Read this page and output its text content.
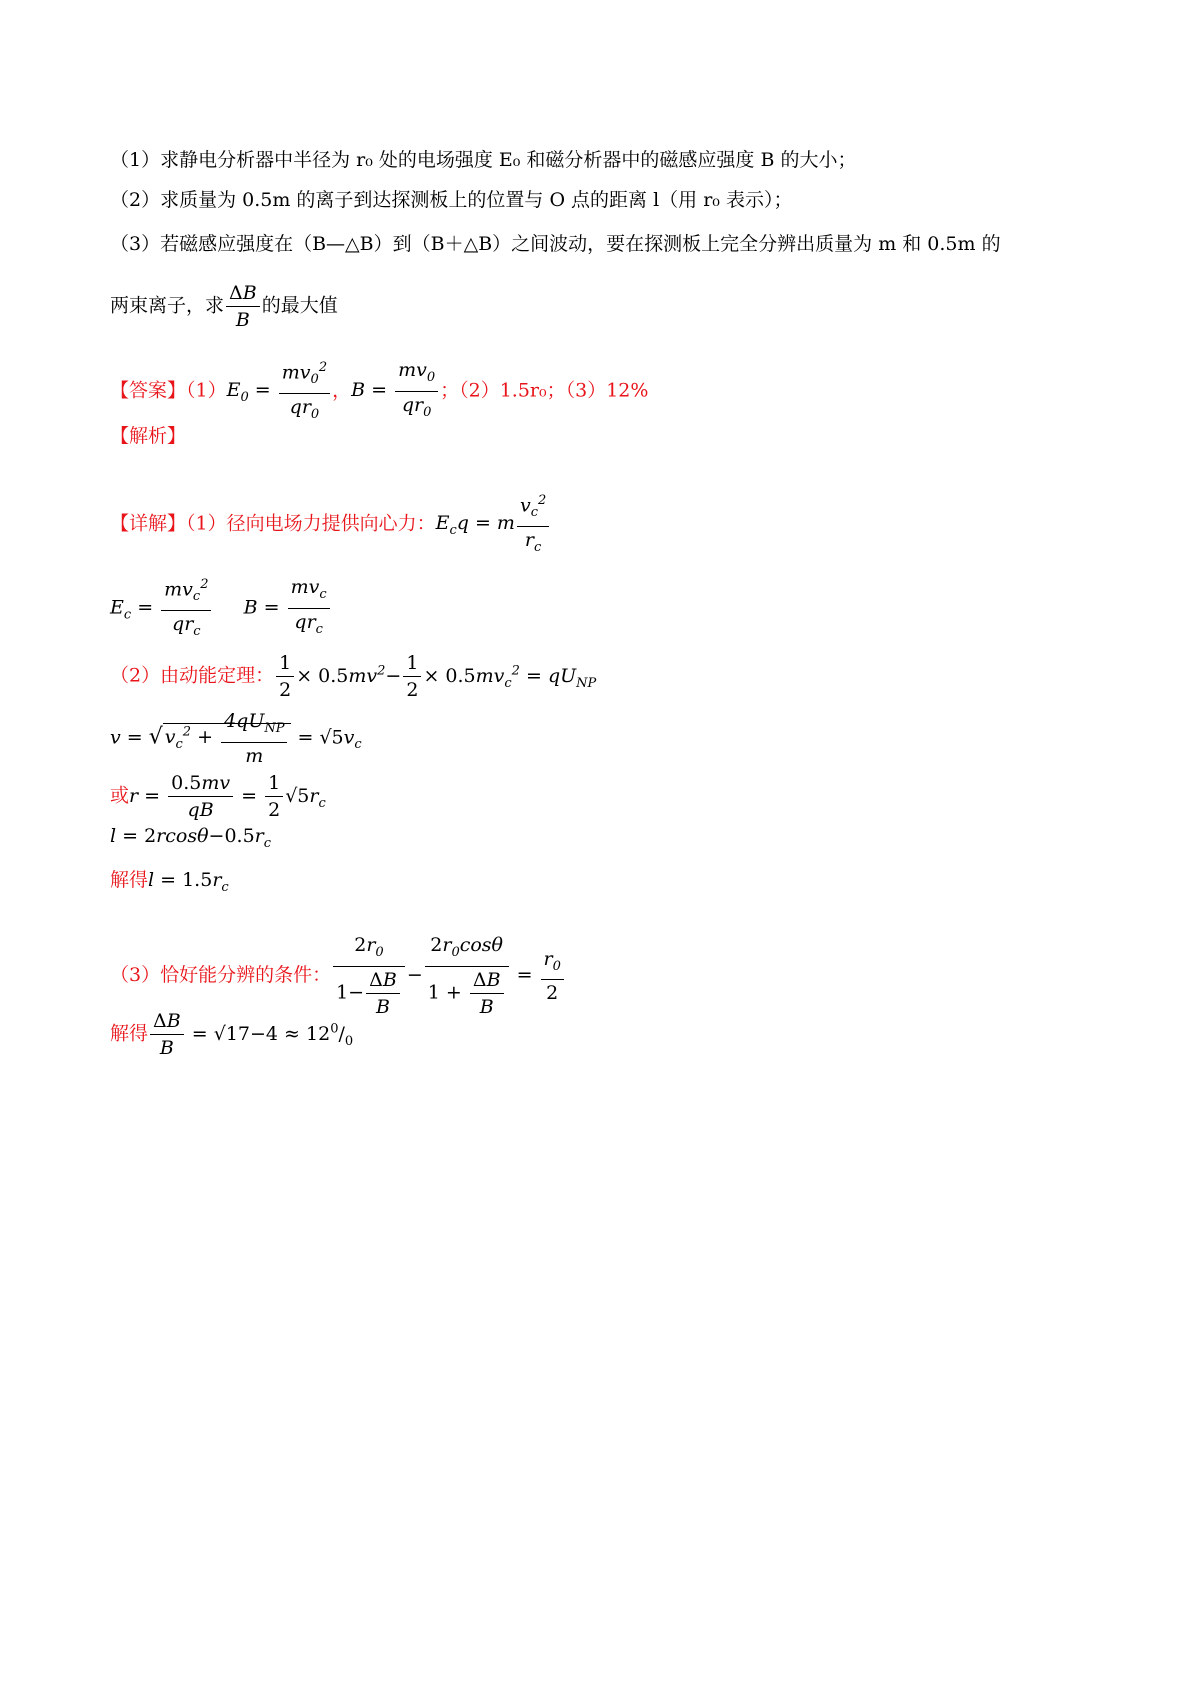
（1）求静电分析器中半径为 r₀ 处的电场强度 E₀ 和磁分析器中的磁感应强度 B 的大小；
（2）求质量为 0.5m 的离子到达探测板上的位置与 O 点的距离 l（用 r₀ 表示）；
（3）若磁感应强度在（B—△B）到（B＋△B）之间波动，要在探测板上完全分辨出质量为 m 和 0.5m 的
两束离子，求 $\frac{\Delta B}{B}$ 的最大值
【答案】$(1)E_0 = \frac{mv_0^2}{qr_0}$ ，$B = \frac{mv_0}{qr_0}$ ；（2）1.5r₀；（3）12%
【解析】
【详解】（1）径向电场力提供向心力：$E_cq = m \frac{v_c^2}{r_c}$
$E_c = \frac{mv_c^2}{qr_c}$ $B = \frac{mv_c}{qr_c}$
（2）由动能定理： $\frac{1}{2} \times 0.5mv^2- \frac{1}{2} \times 0.5mv_c^2 = qU_{NP}$
v = √ $v_c^2 + \frac{4qU_{NP}}{m} = √5v_c$
或$r = \frac{0.5mv}{qB} = \frac{1}{2} √5r_c$
$l = 2rcos\theta-0.5r_c$
解得$l = 1.5r_c$
（3）恰好能分辨的条件： $\frac{2r_0}{1- \frac{\Delta B}{B}} - \frac{2r_0\cos\theta}{1 + \frac{\Delta B}{B}} = \frac{r_0}{2}$
解得 $\frac{\Delta B}{B} = √17-4 \approx 12^0/_0$
